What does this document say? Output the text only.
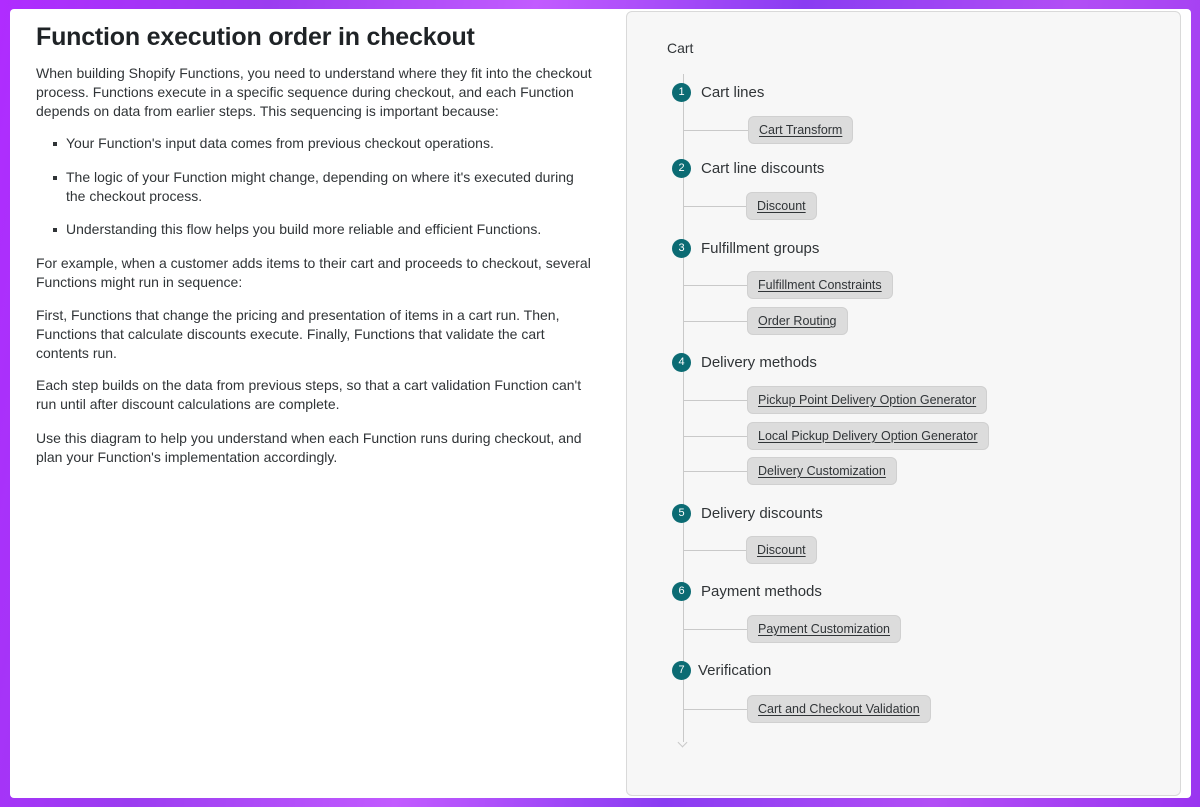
Function execution order in checkout

When building Shopify Functions, you need to understand where they fit into the checkout process. Functions execute in a specific sequence during checkout, and each Function depends on data from earlier steps. This sequencing is important because:

Your Function's input data comes from previous checkout operations.
The logic of your Function might change, depending on where it's executed during the checkout process.
Understanding this flow helps you build more reliable and efficient Functions.

For example, when a customer adds items to their cart and proceeds to checkout, several Functions might run in sequence:

First, Functions that change the pricing and presentation of items in a cart run. Then, Functions that calculate discounts execute. Finally, Functions that validate the cart contents run.

Each step builds on the data from previous steps, so that a cart validation Function can't run until after discount calculations are complete.

Use this diagram to help you understand when each Function runs during checkout, and plan your Function's implementation accordingly.

Cart
1	Cart lines
Cart Transform
2	Cart line discounts
Discount
3	Fulfillment groups
Fulfillment Constraints
Order Routing
4	Delivery methods
Pickup Point Delivery Option Generator
Local Pickup Delivery Option Generator
Delivery Customization
5	Delivery discounts
Discount
6	Payment methods
Payment Customization
7 Verification
Cart and Checkout Validation
